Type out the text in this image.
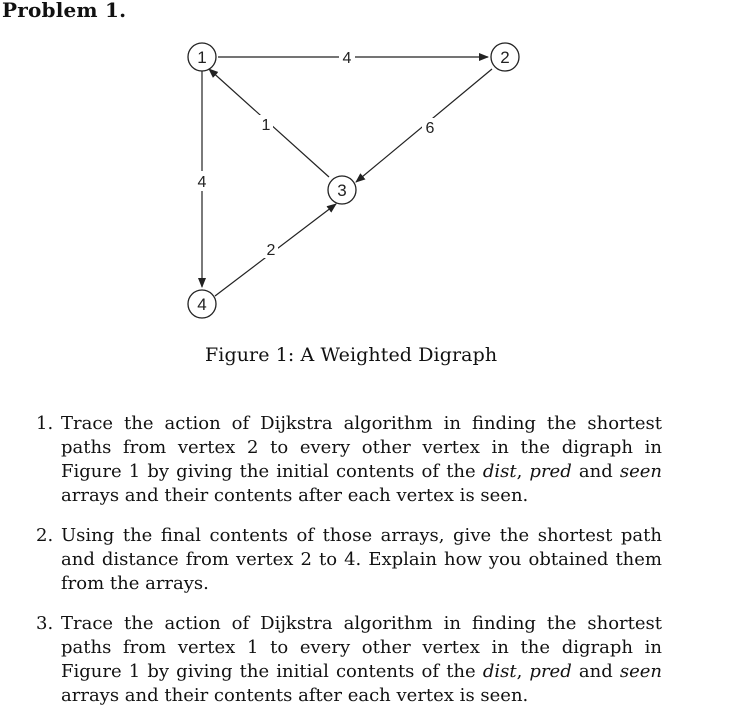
Problem 1.
4
1	6
4
2
1	2
3
4
Figure 1: A Weighted Digraph
1. Trace the action of Dijkstra algorithm in finding the shortest paths from vertex 2 to every other vertex in the digraph in Figure 1 by giving the initial contents of the dist, pred and seen arrays and their contents after each vertex is seen.
2. Using the final contents of those arrays, give the shortest path and distance from vertex 2 to 4. Explain how you obtained them from the arrays.
3. Trace the action of Dijkstra algorithm in finding the shortest paths from vertex 1 to every other vertex in the digraph in Figure 1 by giving the initial contents of the dist, pred and seen arrays and their contents after each vertex is seen.
